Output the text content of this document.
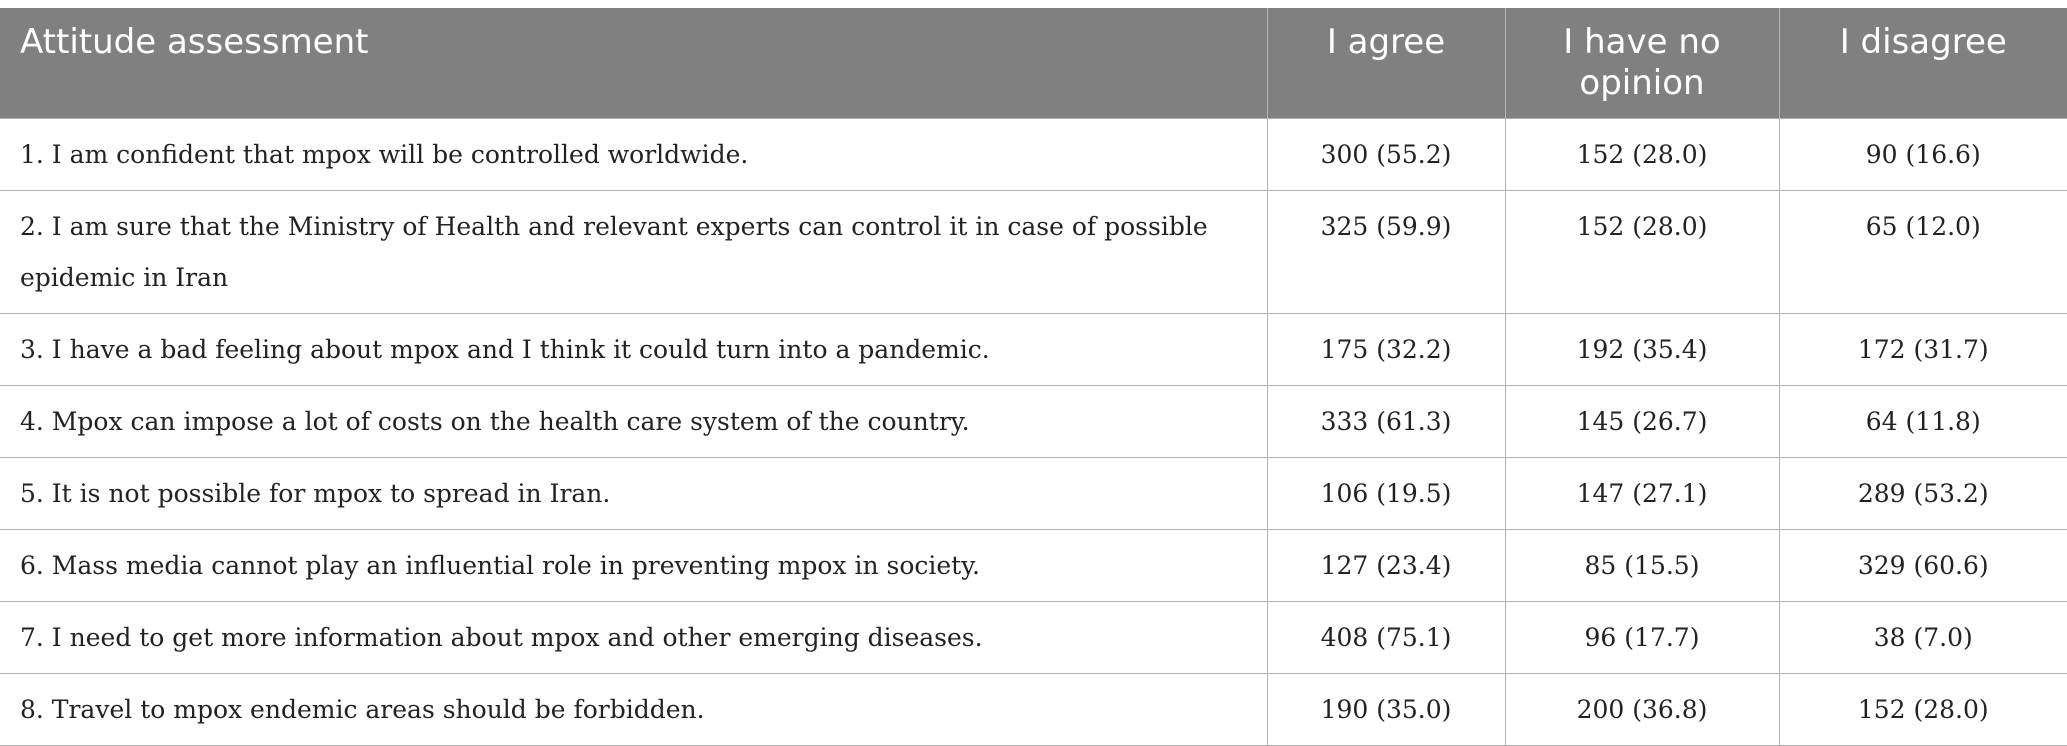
Attitude assessment	I agree	I have no opinion	I disagree
1. I am confident that mpox will be controlled worldwide.	300 (55.2)	152 (28.0)	90 (16.6)
2. I am sure that the Ministry of Health and relevant experts can control it in case of possible epidemic in Iran	325 (59.9)	152 (28.0)	65 (12.0)
3. I have a bad feeling about mpox and I think it could turn into a pandemic.	175 (32.2)	192 (35.4)	172 (31.7)
4. Mpox can impose a lot of costs on the health care system of the country.	333 (61.3)	145 (26.7)	64 (11.8)
5. It is not possible for mpox to spread in Iran.	106 (19.5)	147 (27.1)	289 (53.2)
6. Mass media cannot play an influential role in preventing mpox in society.	127 (23.4)	85 (15.5)	329 (60.6)
7. I need to get more information about mpox and other emerging diseases.	408 (75.1)	96 (17.7)	38 (7.0)
8. Travel to mpox endemic areas should be forbidden.	190 (35.0)	200 (36.8)	152 (28.0)
